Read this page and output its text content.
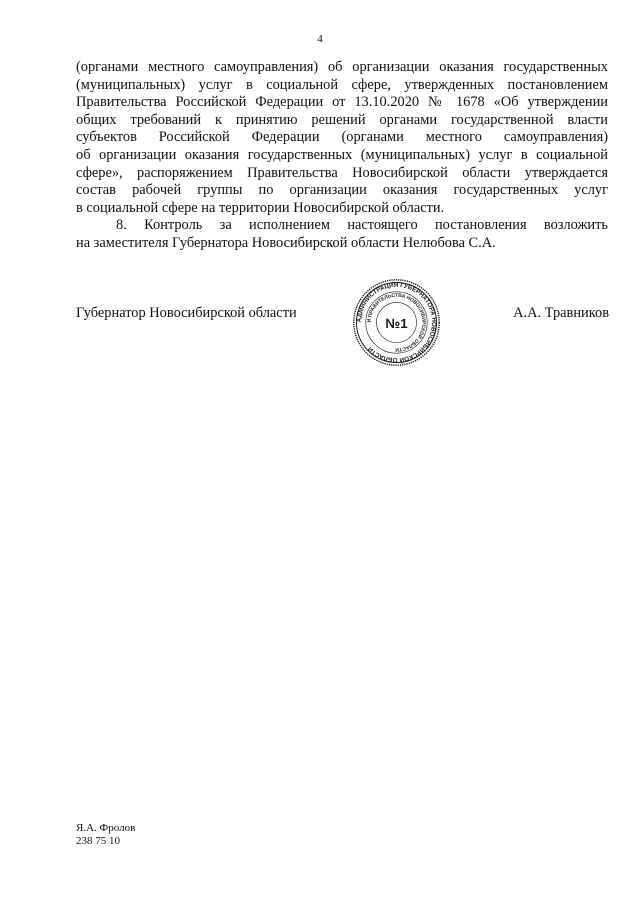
4
(органами местного самоуправления) об организации оказания государственных
(муниципальных) услуг в социальной сфере, утвержденных постановлением
Правительства Российской Федерации от 13.10.2020 № 1678 «Об утверждении
общих требований к принятию решений органами государственной власти
субъектов Российской Федерации (органами местного самоуправления)
об организации оказания государственных (муниципальных) услуг в социальной
сфере», распоряжением Правительства Новосибирской области утверждается
состав рабочей группы по организации оказания государственных услуг
в социальной сфере на территории Новосибирской области.
8. Контроль за исполнением настоящего постановления возложить
на заместителя Губернатора Новосибирской области Нелюбова С.А.
Губернатор Новосибирской области	АДМИНИСТРАЦИЯ ГУБЕРНАТОРА НОВОСИБИРСКОЙ ОБЛАСТИ
И ПРАВИТЕЛЬСТВА НОВОСИБИРСКОЙ ОБЛАСТИ
№1
А.А. Травников
Я.А. Фролов
238 75 10
